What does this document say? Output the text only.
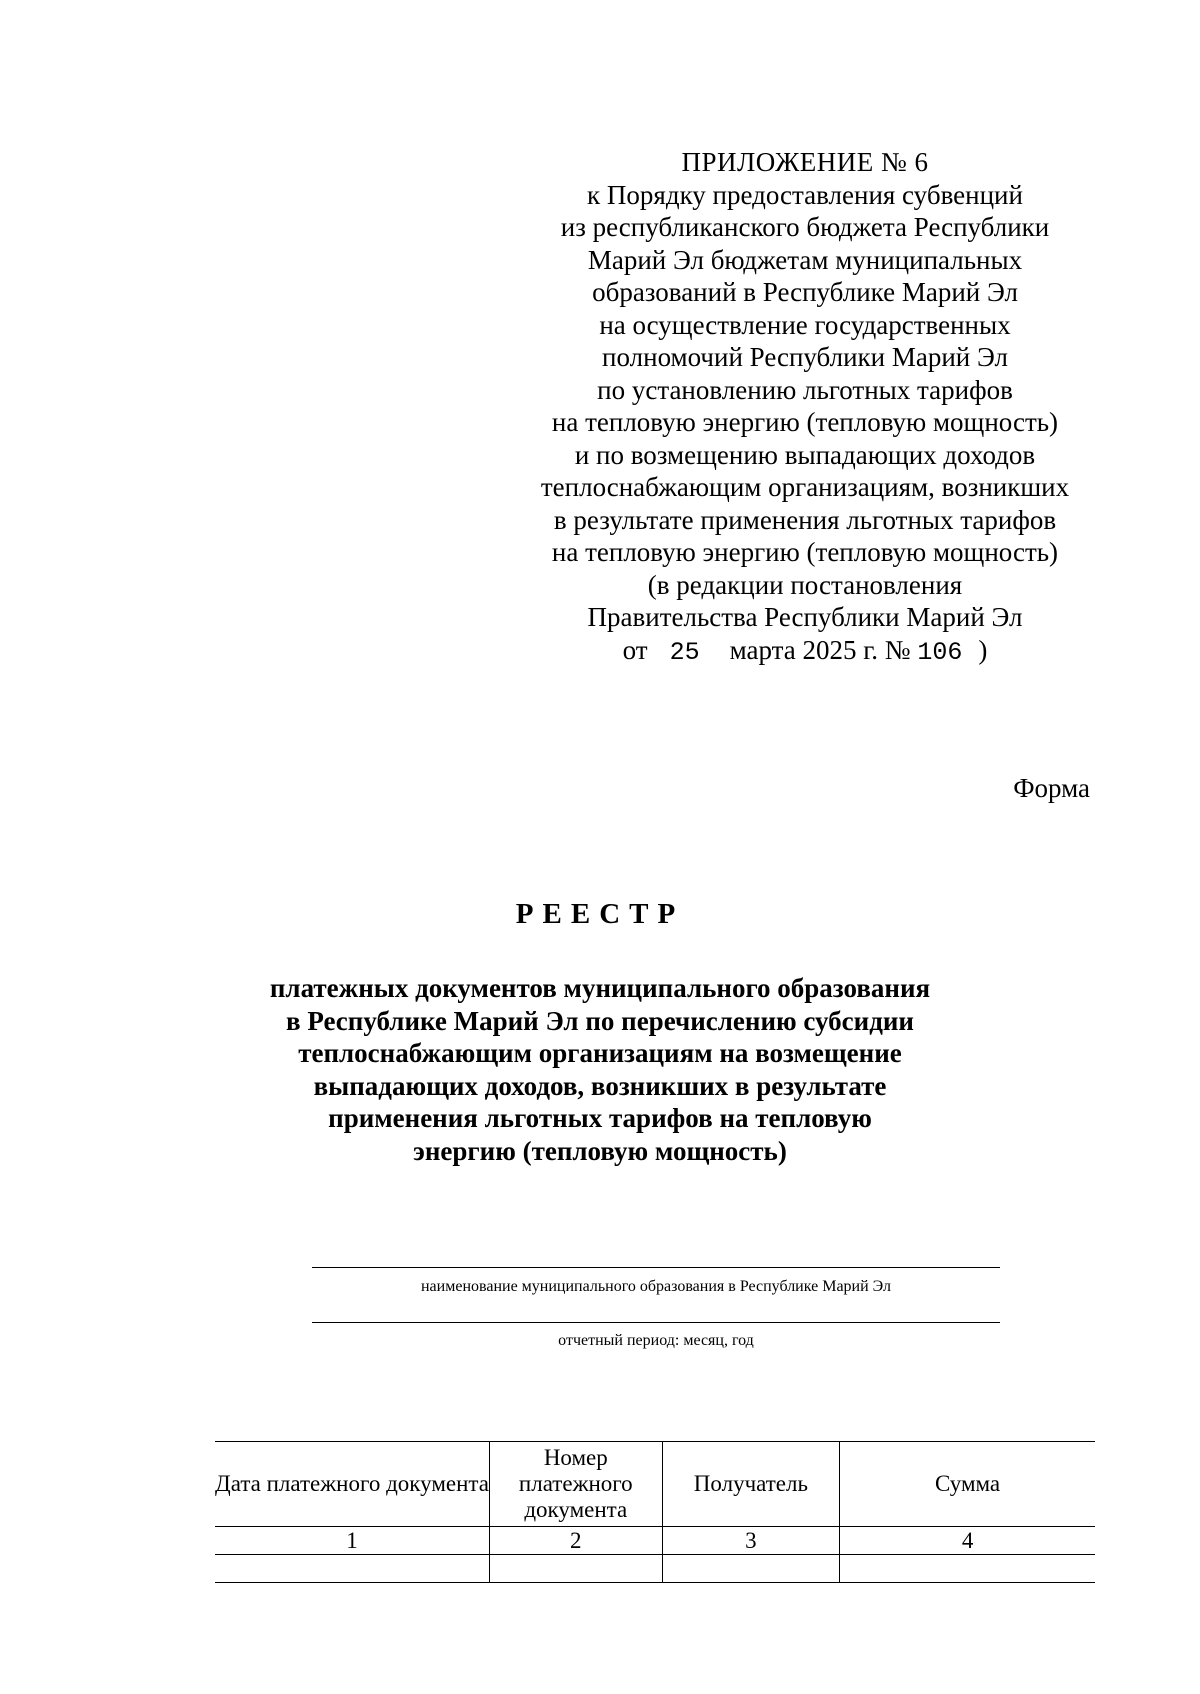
ПРИЛОЖЕНИЕ № 6
к Порядку предоставления субвенций
из республиканского бюджета Республики
Марий Эл бюджетам муниципальных
образований в Республике Марий Эл
на осуществление государственных
полномочий Республики Марий Эл
по установлению льготных тарифов
на тепловую энергию (тепловую мощность)
и по возмещению выпадающих доходов
теплоснабжающим организациям, возникших
в результате применения льготных тарифов
на тепловую энергию (тепловую мощность)
(в редакции постановления
Правительства Республики Марий Эл
от 25 марта 2025 г. № 106 )
Форма
РЕЕСТР
платежных документов муниципального образования
в Республике Марий Эл по перечислению субсидии
теплоснабжающим организациям на возмещение
выпадающих доходов, возникших в результате
применения льготных тарифов на тепловую
энергию (тепловую мощность)
наименование муниципального образования в Республике Марий Эл
отчетный период: месяц, год
Дата платежного документа	Номер платежного документа	Получатель	Сумма
1	2	3	4
